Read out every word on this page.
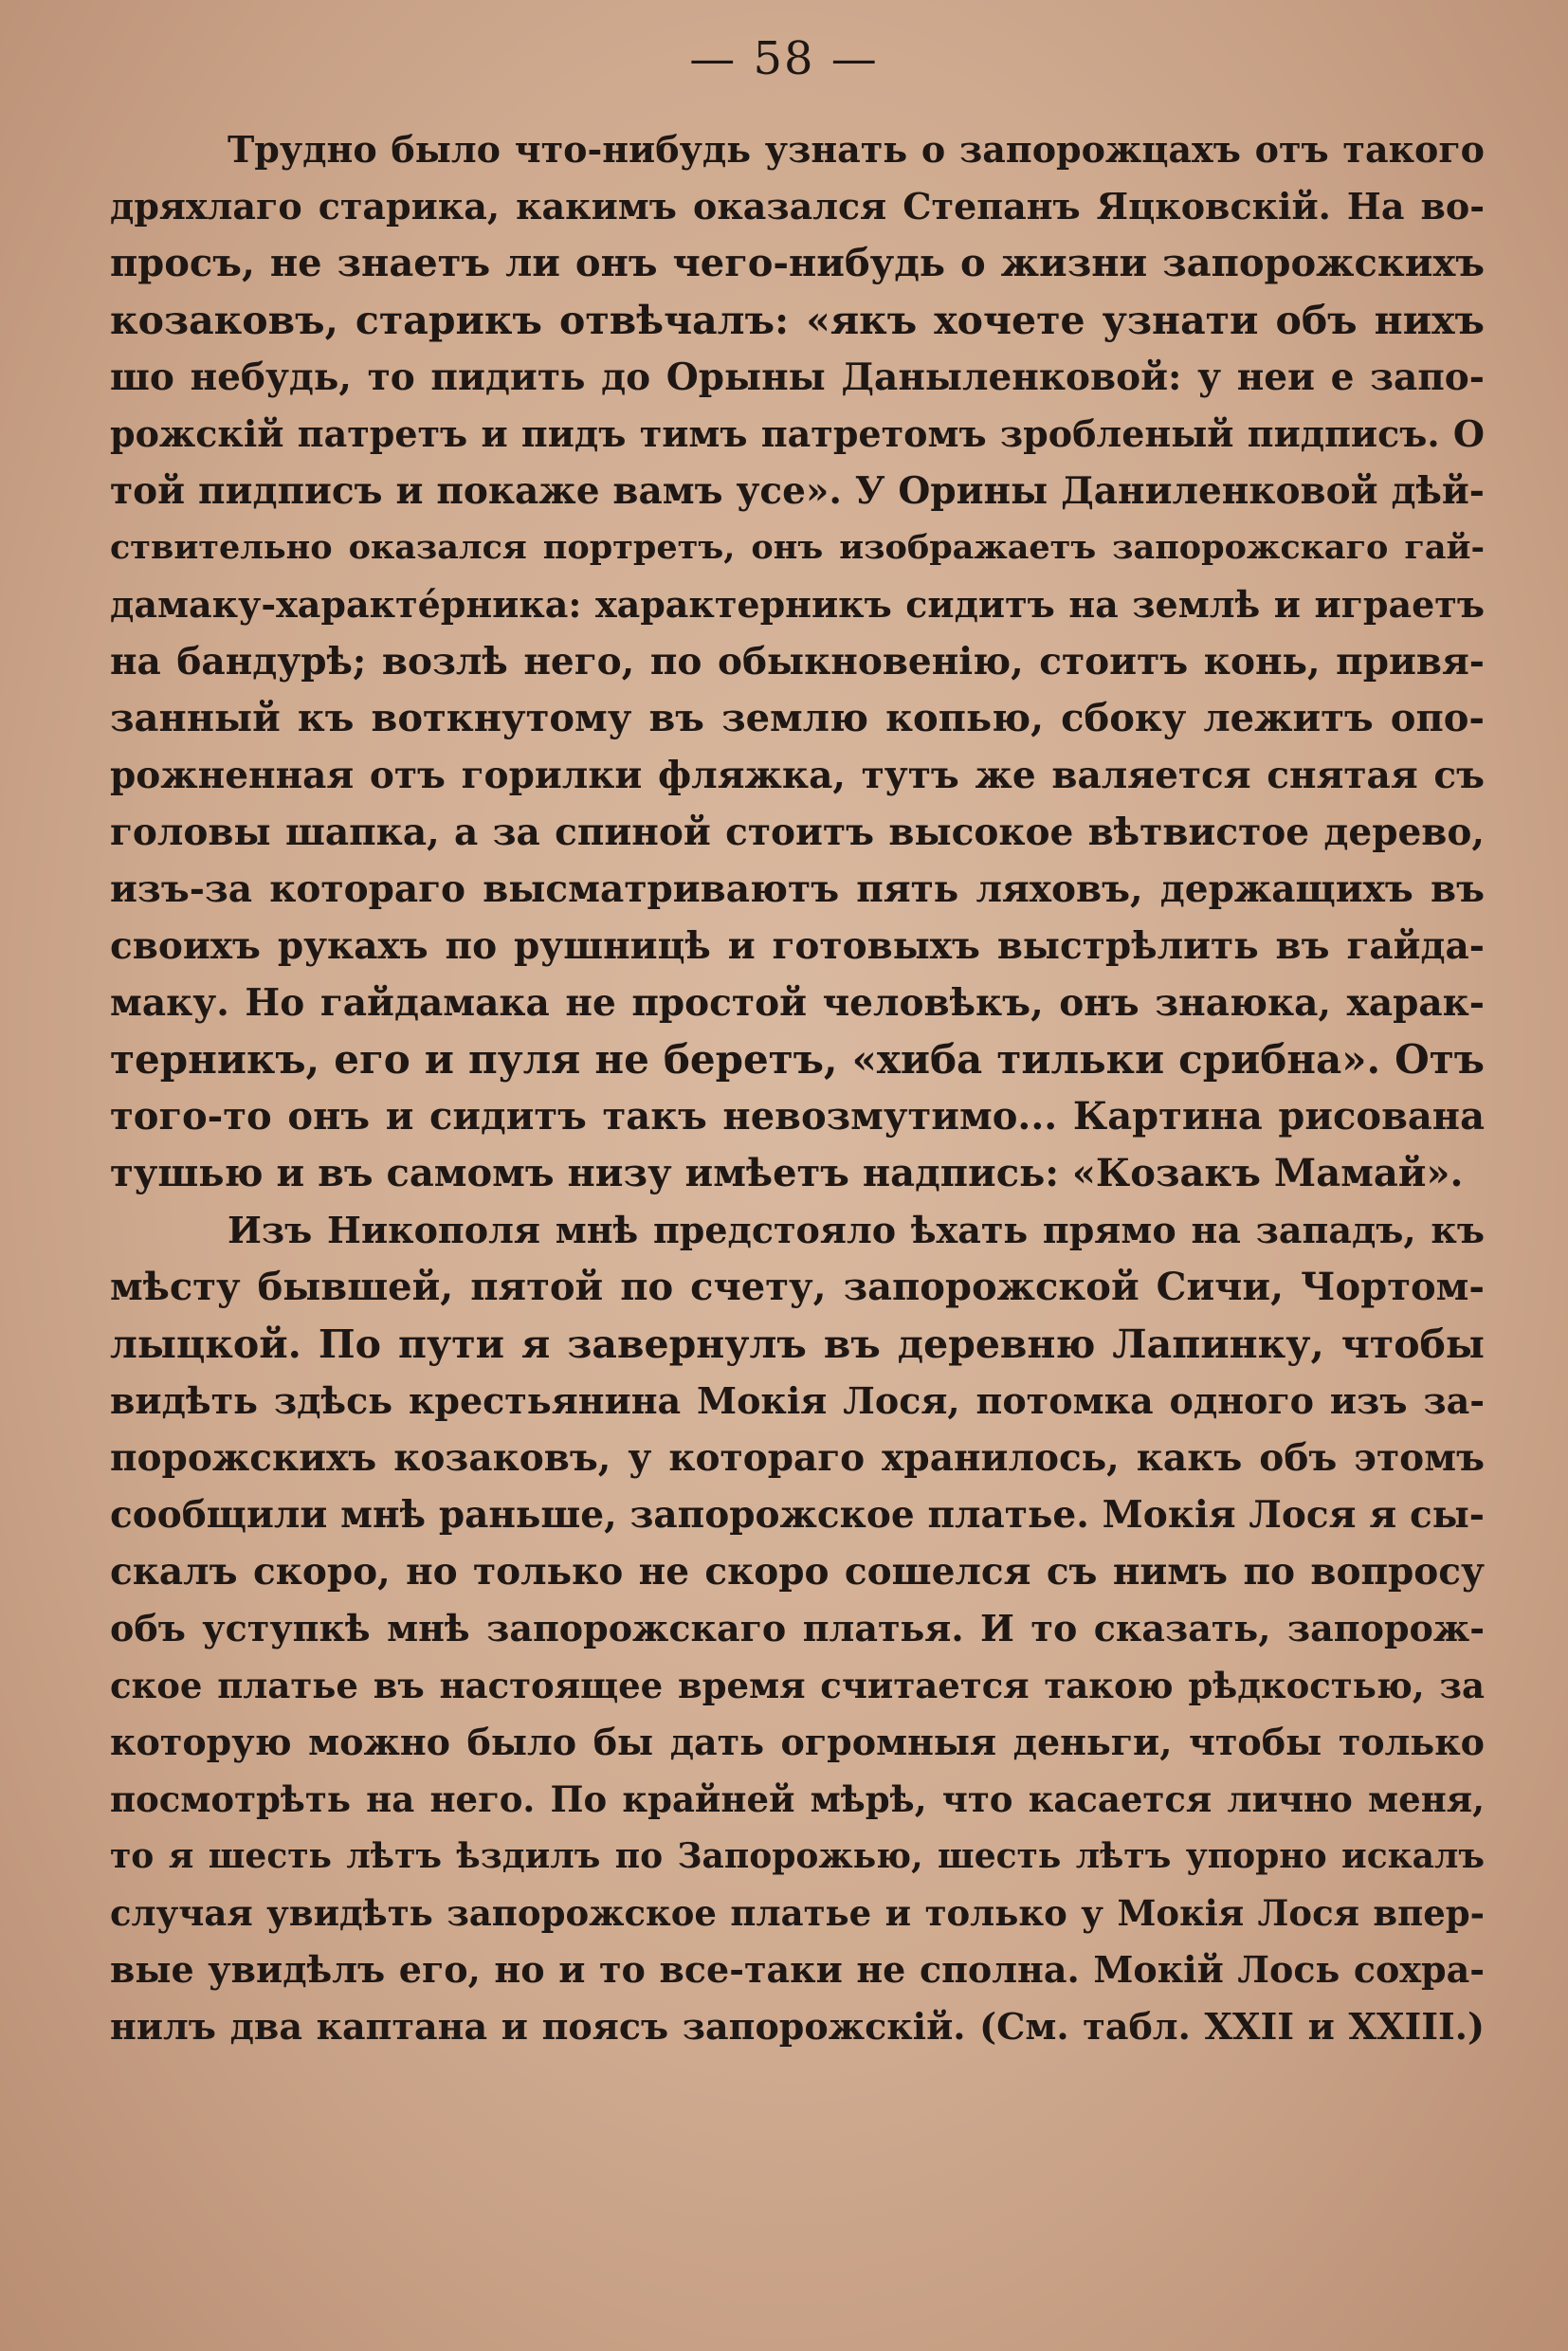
— 58 —
Трудно было что-нибудь узнать о запорожцахъ отъ такого
дряхлаго старика, какимъ оказался Степанъ Яцковскій. На во-
просъ, не знаетъ ли онъ чего-нибудь о жизни запорожскихъ
козаковъ, старикъ отвѣчалъ: «якъ хочете узнати объ нихъ
шо небудь, то пидить до Орыны Даныленковой: у неи е запо-
рожскій патретъ и пидъ тимъ патретомъ зробленый пидписъ. О
той пидписъ и покаже вамъ усе». У Орины Даниленковой дѣй-
ствительно оказался портретъ, онъ изображаетъ запорожскаго гай-
дамаку-характéрника: характерникъ сидитъ на землѣ и играетъ
на бандурѣ; возлѣ него, по обыкновенію, стоитъ конь, привя-
занный къ воткнутому въ землю копью, сбоку лежитъ опо-
рожненная отъ горилки фляжка, тутъ же валяется снятая съ
головы шапка, а за спиной стоитъ высокое вѣтвистое дерево,
изъ-за котораго высматриваютъ пять ляховъ, держащихъ въ
своихъ рукахъ по рушницѣ и готовыхъ выстрѣлить въ гайда-
маку. Но гайдамака не простой человѣкъ, онъ знаюка, харак-
терникъ, его и пуля не беретъ, «хиба тильки срибна». Отъ
того-то онъ и сидитъ такъ невозмутимо... Картина рисована
тушью и въ самомъ низу имѣетъ надпись: «Козакъ Мамай».
Изъ Никополя мнѣ предстояло ѣхать прямо на западъ, къ
мѣсту бывшей, пятой по счету, запорожской Сичи, Чортом-
лыцкой. По пути я завернулъ въ деревню Лапинку, чтобы
видѣть здѣсь крестьянина Мокія Лося, потомка одного изъ за-
порожскихъ козаковъ, у котораго хранилось, какъ объ этомъ
сообщили мнѣ раньше, запорожское платье. Мокія Лося я сы-
скалъ скоро, но только не скоро сошелся съ нимъ по вопросу
объ уступкѣ мнѣ запорожскаго платья. И то сказать, запорож-
ское платье въ настоящее время считается такою рѣдкостью, за
которую можно было бы дать огромныя деньги, чтобы только
посмотрѣть на него. По крайней мѣрѣ, что касается лично меня,
то я шесть лѣтъ ѣздилъ по Запорожью, шесть лѣтъ упорно искалъ
случая увидѣть запорожское платье и только у Мокія Лося впер-
вые увидѣлъ его, но и то все-таки не сполна. Мокій Лось сохра-
нилъ два каптана и поясъ запорожскій. (См. табл. XXII и XXIII.)
